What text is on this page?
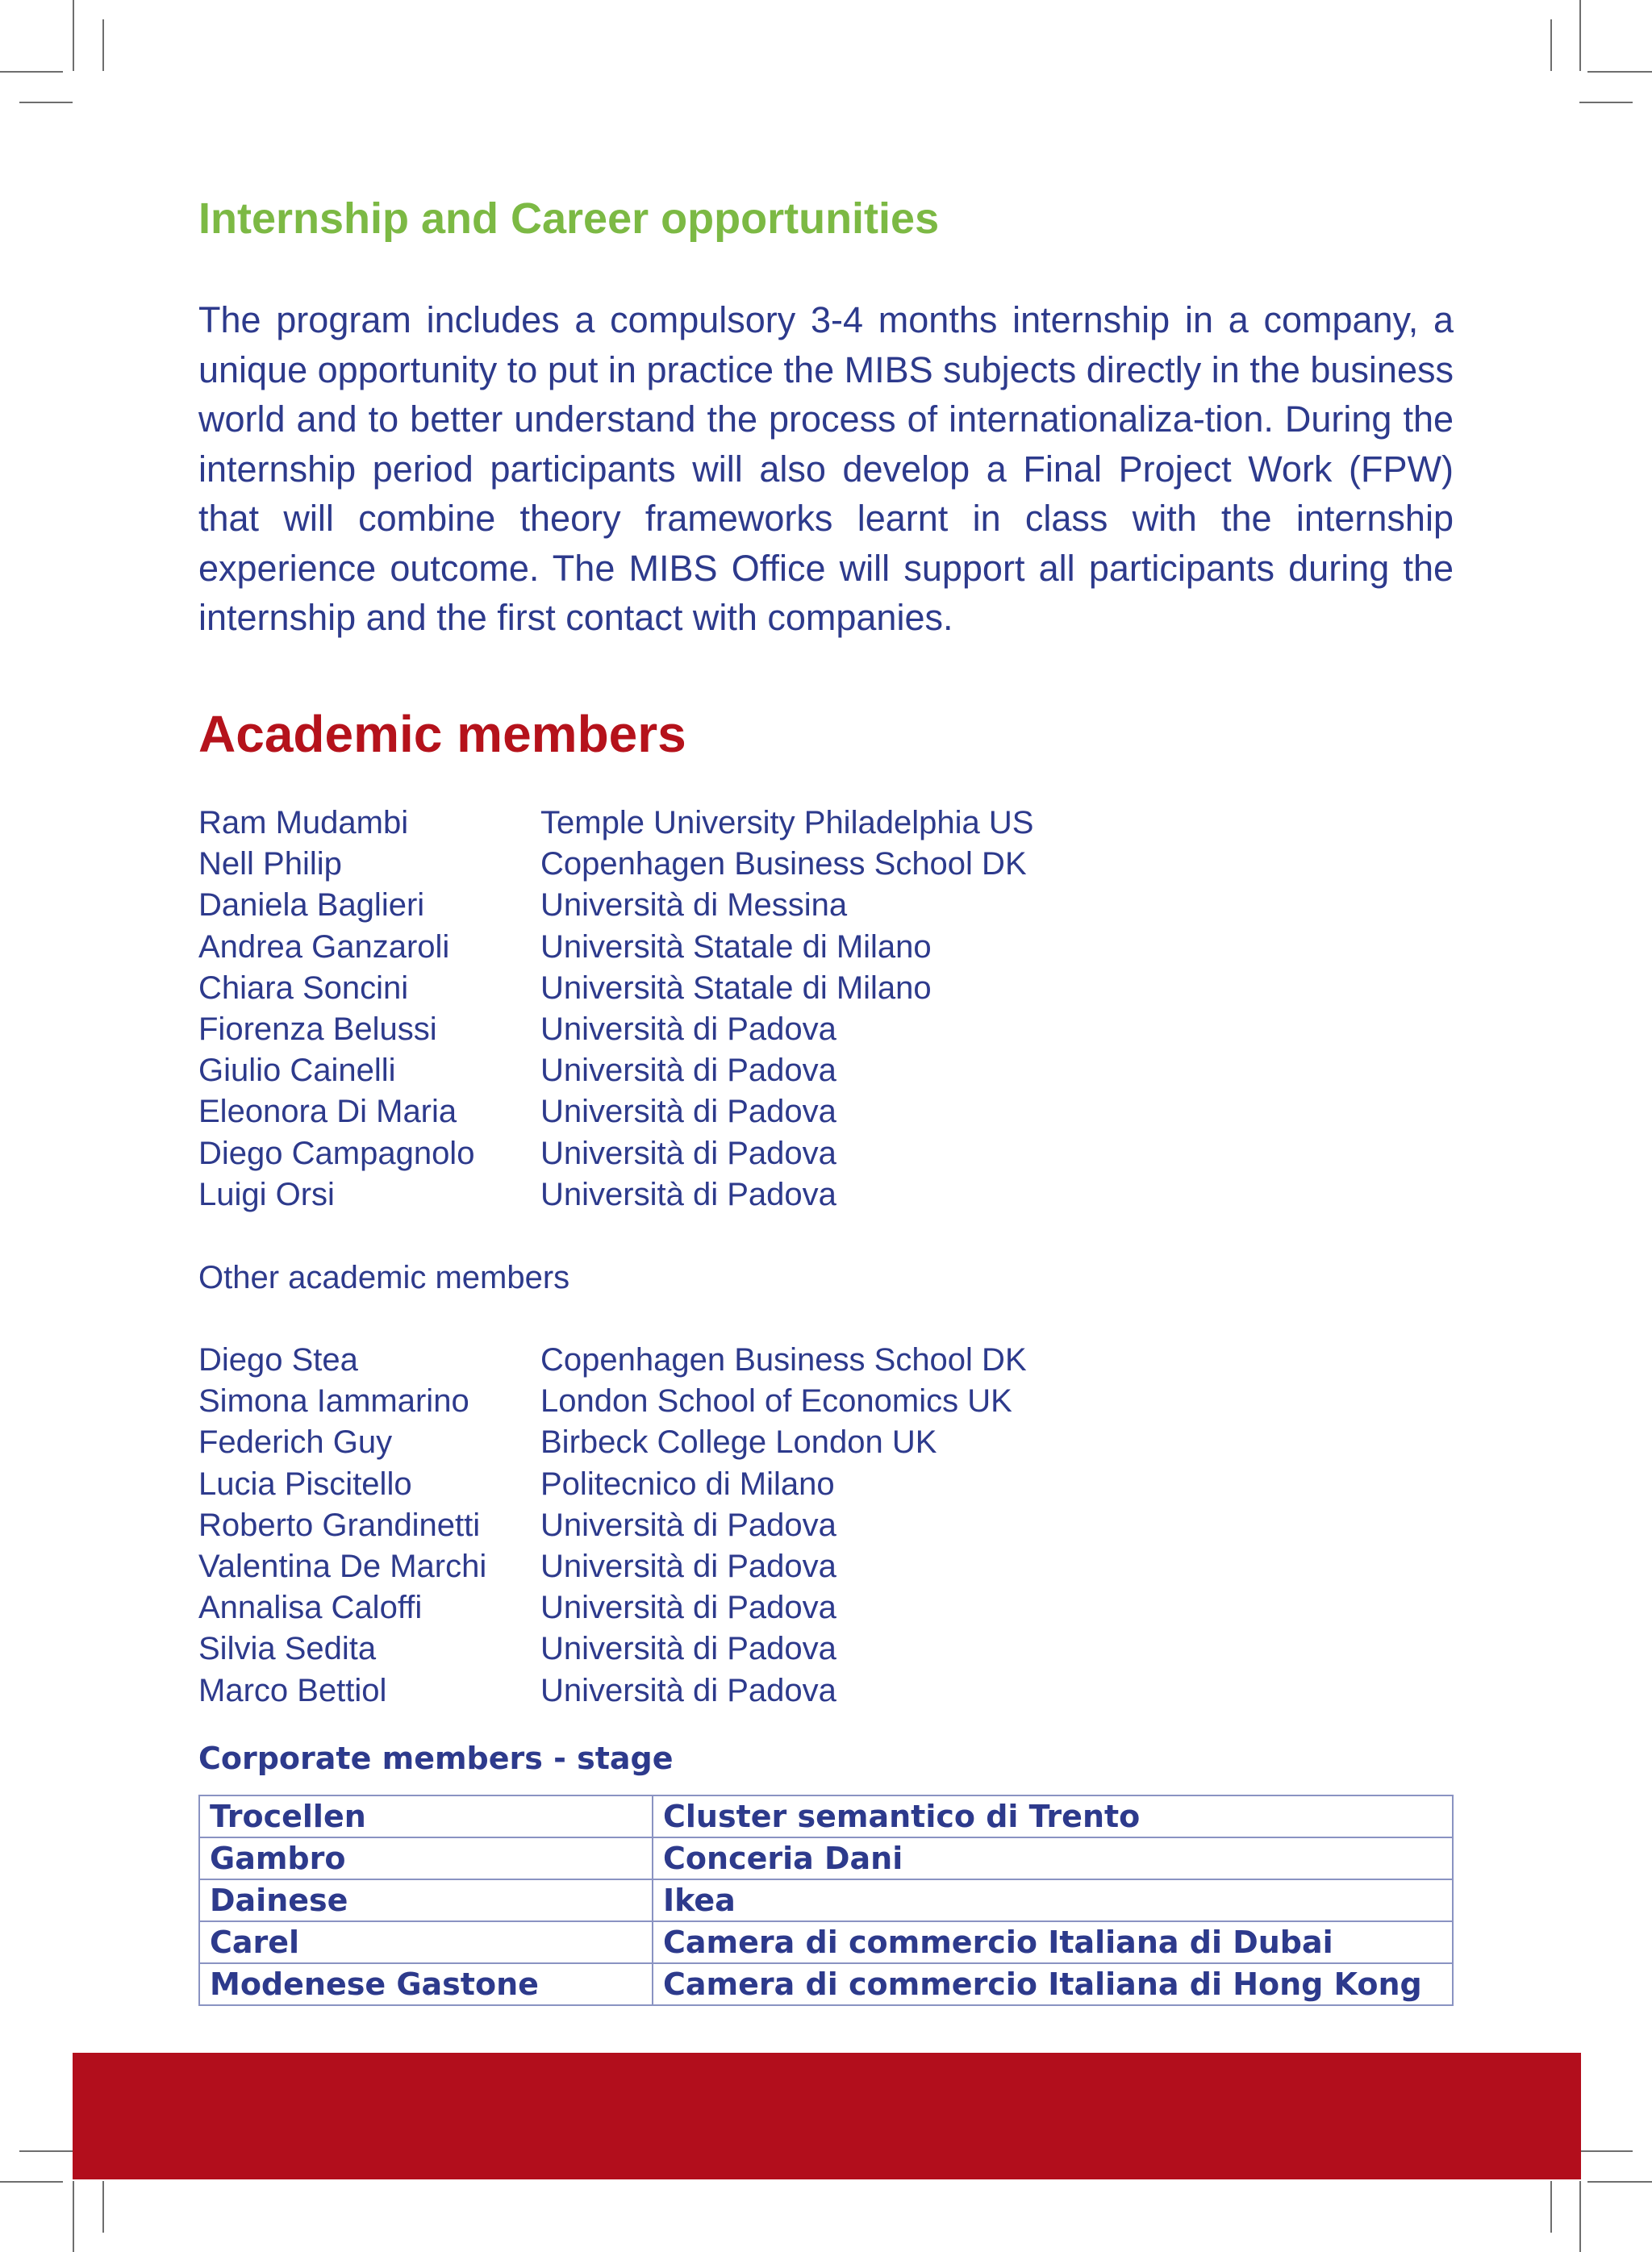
Internship and Career opportunities

The program includes a compulsory 3-4 months internship in a company, a unique opportunity to put in practice the MIBS subjects directly in the business world and to better understand the process of internationaliza-tion. During the internship period participants will also develop a Final Project Work (FPW) that will combine theory frameworks learnt in class with the internship experience outcome. The MIBS Office will support all participants during the internship and the first contact with companies.

Academic members
Ram Mudambi	Temple University Philadelphia US
Nell Philip	Copenhagen Business School DK
Daniela Baglieri	Università di Messina
Andrea Ganzaroli	Università Statale di Milano
Chiara Soncini	Università Statale di Milano
Fiorenza Belussi	Università di Padova
Giulio Cainelli	Università di Padova
Eleonora Di Maria	Università di Padova
Diego Campagnolo Università di Padova
Luigi Orsi	Università di Padova

Other academic members

Diego Stea	Copenhagen Business School DK
Simona Iammarino London School of Economics UK
Federich Guy	Birbeck College London UK
Lucia Piscitello	Politecnico di Milano
Roberto Grandinetti Università di Padova
Valentina De Marchi Università di Padova
Annalisa Caloffi	Università di Padova
Silvia Sedita	Università di Padova
Marco Bettiol	Università di Padova

Corporate members - stage

Trocellen	Cluster semantico di Trento
Gambro	Conceria Dani
Dainese	Ikea
Carel	Camera di commercio Italiana di Dubai
Modenese Gastone	Camera di commercio Italiana di Hong Kong
